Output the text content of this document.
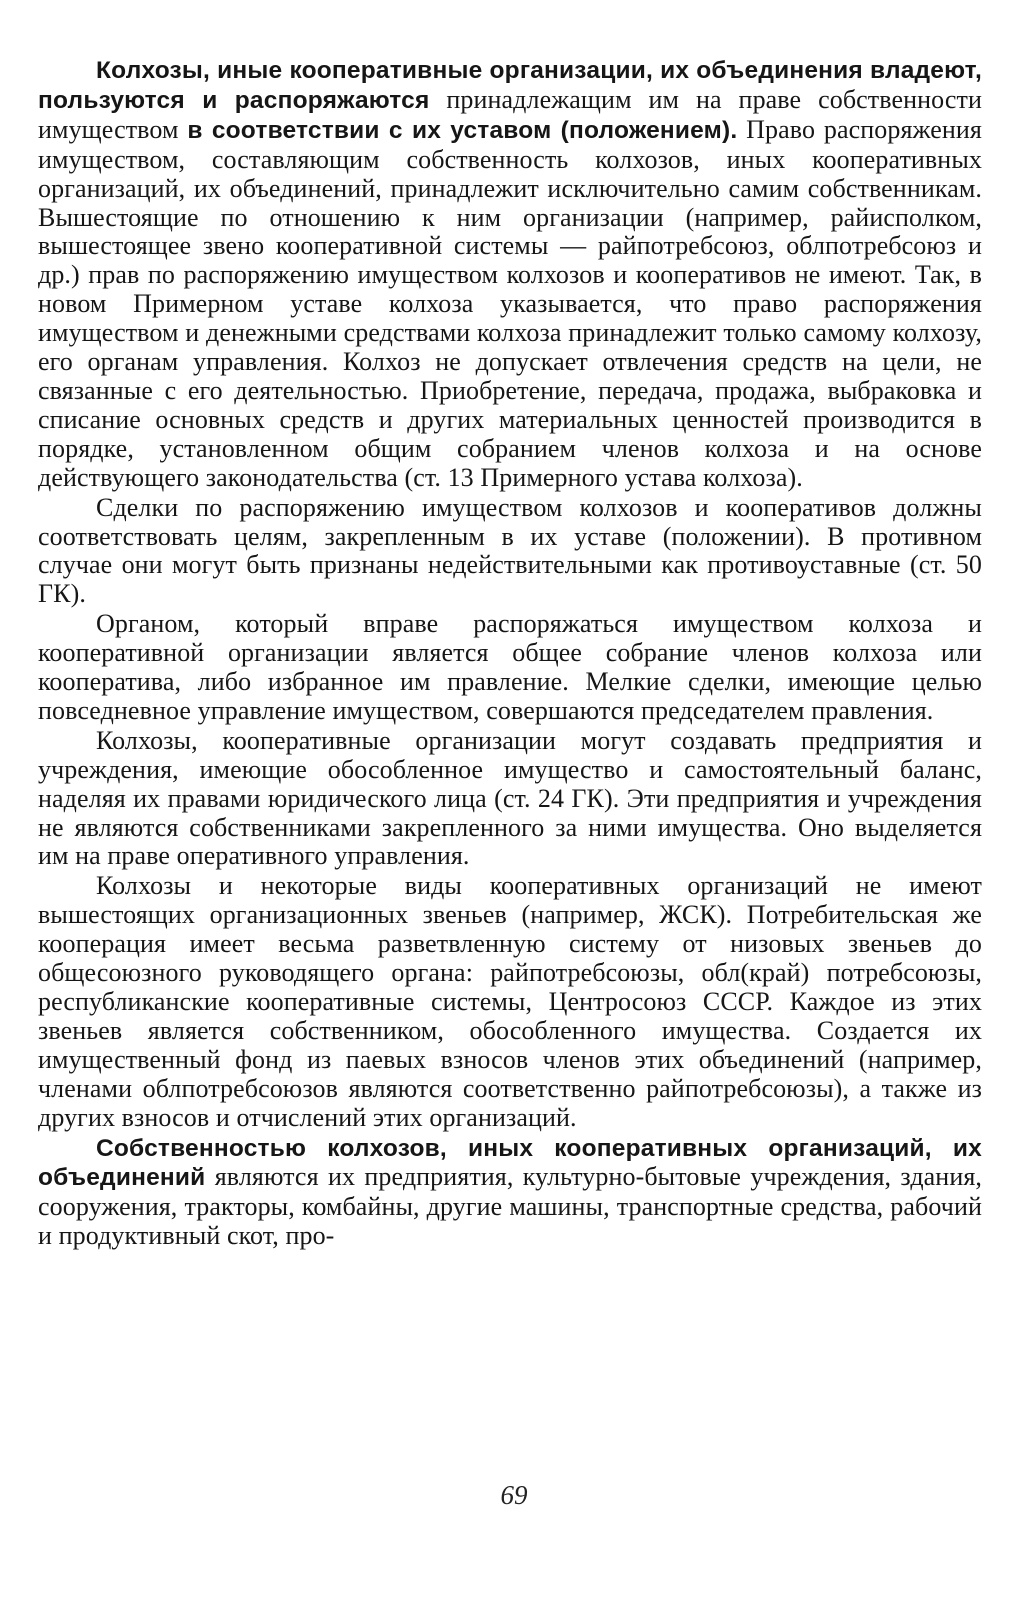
Колхозы, иные кооперативные организации, их объединения владеют, пользуются и распоряжаются принадлежащим им на праве собственности имуществом в соответствии с их уставом (положением). Право распоряжения имуществом, составляющим собственность колхозов, иных кооперативных организаций, их объединений, принадлежит исключительно самим собственникам. Вышестоящие по отношению к ним организации (например, райисполком, вышестоящее звено кооперативной системы — райпотребсоюз, облпотребсоюз и др.) прав по распоряжению имуществом колхозов и кооперативов не имеют. Так, в новом Примерном уставе колхоза указывается, что право распоряжения имуществом и денежными средствами колхоза принадлежит только самому колхозу, его органам управления. Колхоз не допускает отвлечения средств на цели, не связанные с его деятельностью. Приобретение, передача, продажа, выбраковка и списание основных средств и других материальных ценностей производится в порядке, установленном общим собранием членов колхоза и на основе действующего законодательства (ст. 13 Примерного устава колхоза).

Сделки по распоряжению имуществом колхозов и кооперативов должны соответствовать целям, закрепленным в их уставе (положении). В противном случае они могут быть признаны недействительными как противоуставные (ст. 50 ГК).

Органом, который вправе распоряжаться имуществом колхоза и кооперативной организации является общее собрание членов колхоза или кооператива, либо избранное им правление. Мелкие сделки, имеющие целью повседневное управление имуществом, совершаются председателем правления.

Колхозы, кооперативные организации могут создавать предприятия и учреждения, имеющие обособленное имущество и самостоятельный баланс, наделяя их правами юридического лица (ст. 24 ГК). Эти предприятия и учреждения не являются собственниками закрепленного за ними имущества. Оно выделяется им на праве оперативного управления.

Колхозы и некоторые виды кооперативных организаций не имеют вышестоящих организационных звеньев (например, ЖСК). Потребительская же кооперация имеет весьма разветвленную систему от низовых звеньев до общесоюзного руководящего органа: райпотребсоюзы, обл(край) потребсоюзы, республиканские кооперативные системы, Центросоюз СССР. Каждое из этих звеньев является собственником, обособленного имущества. Создается их имущественный фонд из паевых взносов членов этих объединений (например, членами облпотребсоюзов являются соответственно райпотребсоюзы), а также из других взносов и отчислений этих организаций.

Собственностью колхозов, иных кооперативных организаций, их объединений являются их предприятия, культурно-бытовые учреждения, здания, сооружения, тракторы, комбайны, другие машины, транспортные средства, рабочий и продуктивный скот, про-

69
